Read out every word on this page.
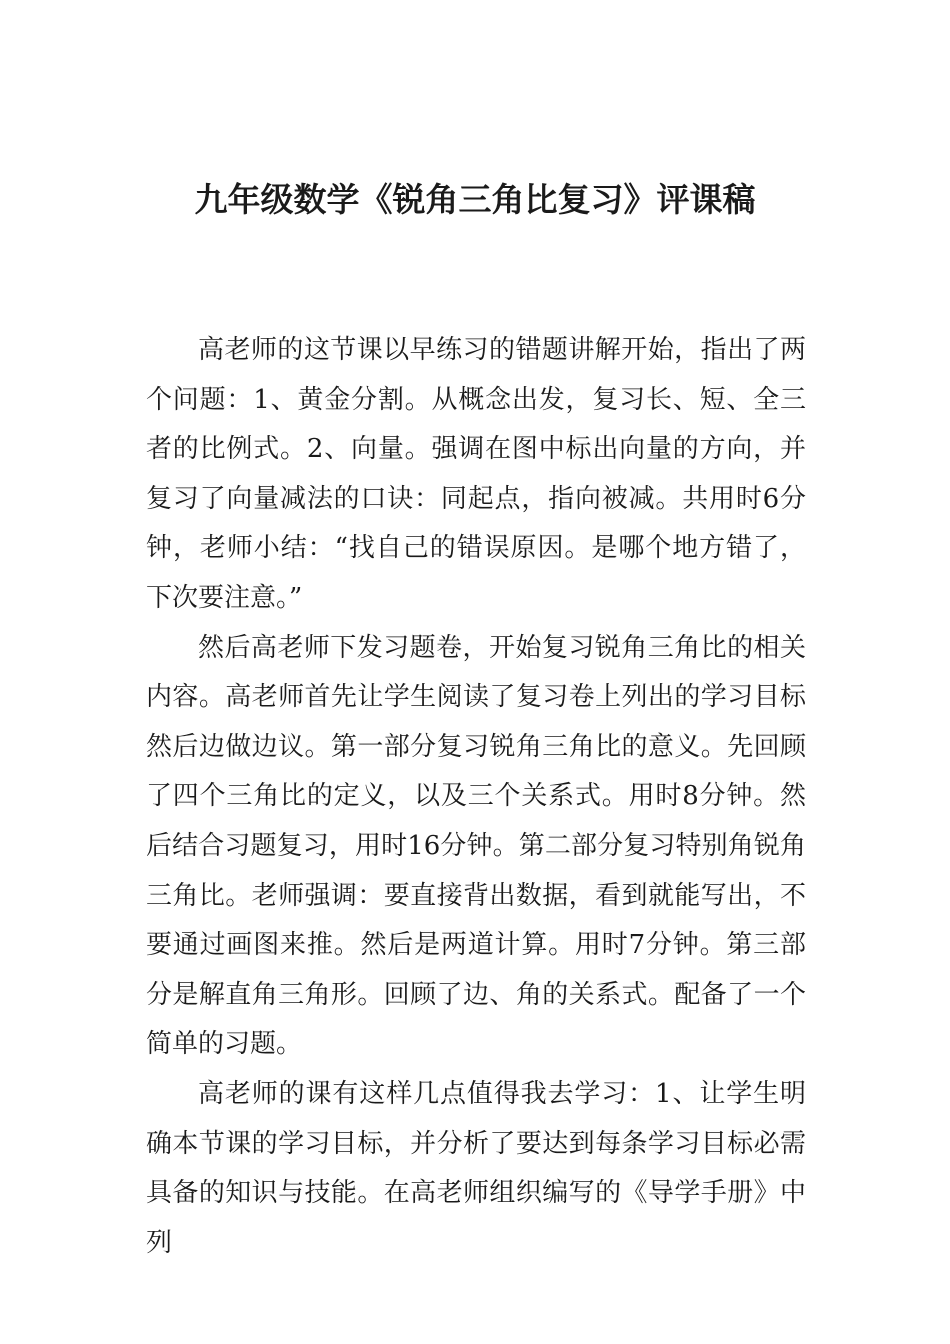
九年级数学《锐角三角比复习》评课稿

高老师的这节课以早练习的错题讲解开始，指出了两个问题：1、黄金分割。从概念出发，复习长、短、全三者的比例式。2、向量。强调在图中标出向量的方向，并复习了向量减法的口诀：同起点，指向被减。共用时6分钟，老师小结：“找自己的错误原因。是哪个地方错了，下次要注意。”

然后高老师下发习题卷，开始复习锐角三角比的相关内容。高老师首先让学生阅读了复习卷上列出的学习目标然后边做边议。第一部分复习锐角三角比的意义。先回顾了四个三角比的定义，以及三个关系式。用时8分钟。然后结合习题复习，用时16分钟。第二部分复习特别角锐角三角比。老师强调：要直接背出数据，看到就能写出，不要通过画图来推。然后是两道计算。用时7分钟。第三部分是解直角三角形。回顾了边、角的关系式。配备了一个简单的习题。

高老师的课有这样几点值得我去学习：1、让学生明确本节课的学习目标，并分析了要达到每条学习目标必需具备的知识与技能。在高老师组织编写的《导学手册》中列
